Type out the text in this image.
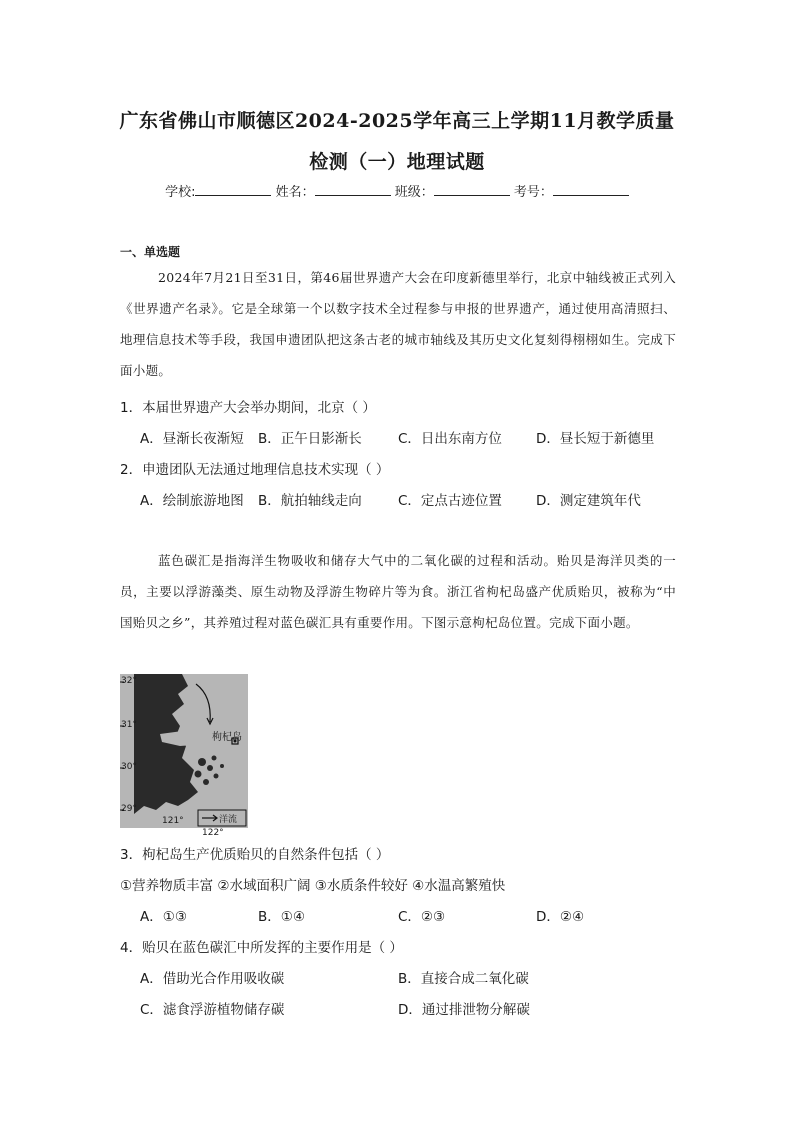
广东省佛山市顺德区2024-2025学年高三上学期11月教学质量
检测（一）地理试题
学校:	姓名：	班级：	考号：
一、单选题
2024年7月21日至31日，第46届世界遗产大会在印度新德里举行，北京中轴线被正式列入《世界遗产名录》。它是全球第一个以数字技术全过程参与申报的世界遗产，通过使用高清照扫、地理信息技术等手段，我国申遗团队把这条古老的城市轴线及其历史文化复刻得栩栩如生。完成下面小题。
1．本届世界遗产大会举办期间，北京（ ）
A．昼渐长夜渐短 B．正午日影渐长	C．日出东南方位	D．昼长短于新德里
2．申遗团队无法通过地理信息技术实现（ ）
A．绘制旅游地图 B．航拍轴线走向	C．定点古迹位置	D．测定建筑年代
蓝色碳汇是指海洋生物吸收和储存大气中的二氧化碳的过程和活动。贻贝是海洋贝类的一员，主要以浮游藻类、原生动物及浮游生物碎片等为食。浙江省枸杞岛盛产优质贻贝，被称为“中国贻贝之乡”，其养殖过程对蓝色碳汇具有重要作用。下图示意枸杞岛位置。完成下面小题。
32°
31°
30°
29°
121°
122°
枸杞岛
洋流
3．枸杞岛生产优质贻贝的自然条件包括（ ）
①营养物质丰富 ②水域面积广阔 ③水质条件较好 ④水温高繁殖快
A．①③	B．①④	C．②③	D．②④
4．贻贝在蓝色碳汇中所发挥的主要作用是（ ）
A．借助光合作用吸收碳	B．直接合成二氧化碳
C．滤食浮游植物储存碳	D．通过排泄物分解碳
